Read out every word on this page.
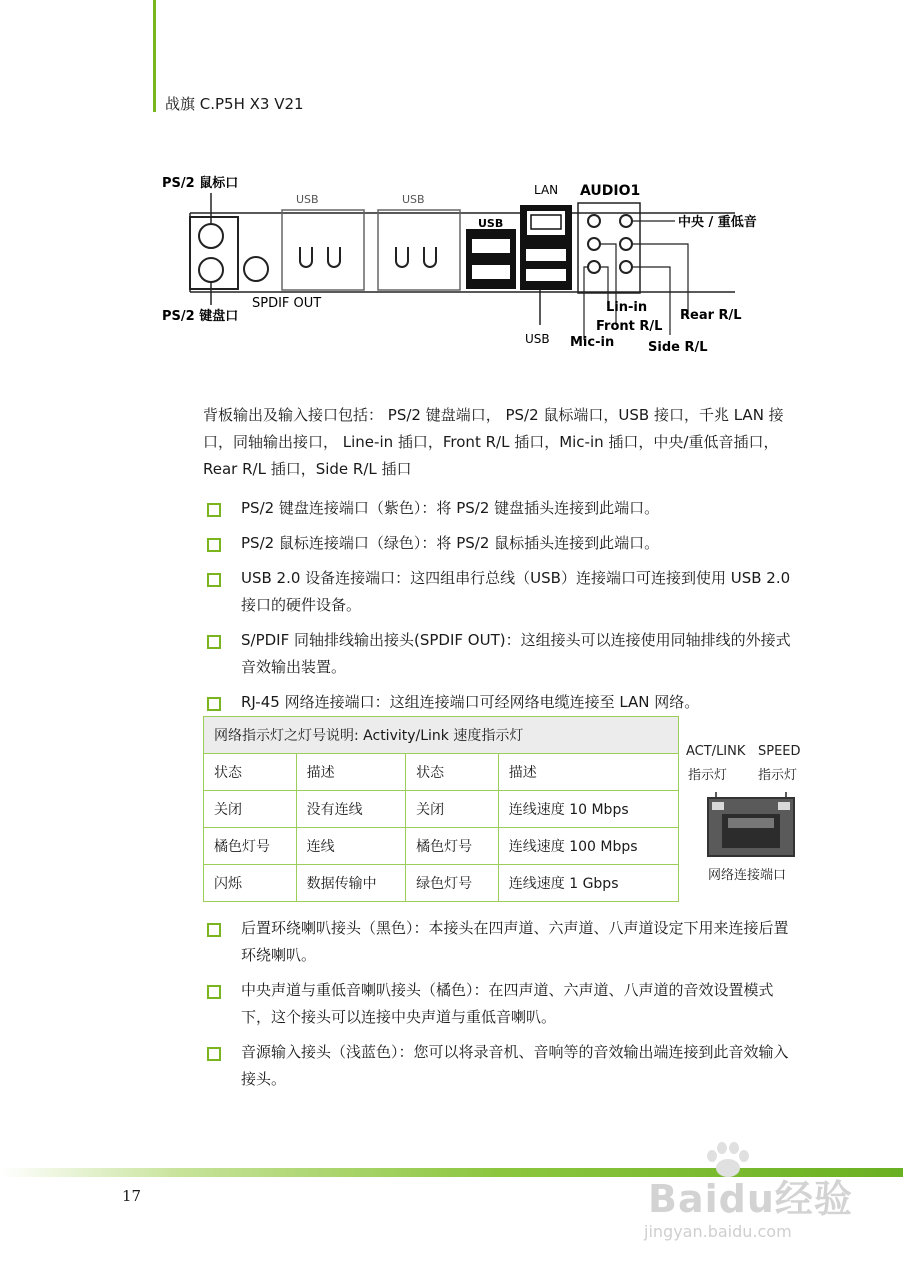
战旗 C.P5H X3 V21
PS/2 鼠标口
PS/2 键盘口
SPDIF OUT
USB	USB
USB
USB
LAN AUDIO1
中央 / 重低音
Lin-in
Front R/L
Mic-in
Rear R/L
Side R/L
背板输出及输入接口包括： PS/2 键盘端口， PS/2 鼠标端口，USB 接口，千兆 LAN 接口，同轴输出接口， Line-in 插口，Front R/L 插口，Mic-in 插口，中央/重低音插口，Rear R/L 插口，Side R/L 插口
PS/2 键盘连接端口（紫色）：将 PS/2 键盘插头连接到此端口。
PS/2 鼠标连接端口（绿色）：将 PS/2 鼠标插头连接到此端口。
USB 2.0 设备连接端口：这四组串行总线（USB）连接端口可连接到使用 USB 2.0 接口的硬件设备。
S/PDIF 同轴排线输出接头(SPDIF OUT)：这组接头可以连接使用同轴排线的外接式音效输出装置。
RJ-45 网络连接端口：这组连接端口可经网络电缆连接至 LAN 网络。
网络指示灯之灯号说明: Activity/Link 速度指示灯			
状态	描述	状态	描述
关闭	没有连线	关闭	连线速度 10 Mbps
橘色灯号	连线	橘色灯号	连线速度 100 Mbps
闪烁	数据传输中	绿色灯号	连线速度 1 Gbps
ACT/LINK SPEED
指示灯 指示灯
网络连接端口
后置环绕喇叭接头（黑色）：本接头在四声道、六声道、八声道设定下用来连接后置环绕喇叭。
中央声道与重低音喇叭接头（橘色）：在四声道、六声道、八声道的音效设置模式下，这个接头可以连接中央声道与重低音喇叭。
音源输入接头（浅蓝色）：您可以将录音机、音响等的音效输出端连接到此音效输入接头。
17	Baidu经验
jingyan.baidu.com
